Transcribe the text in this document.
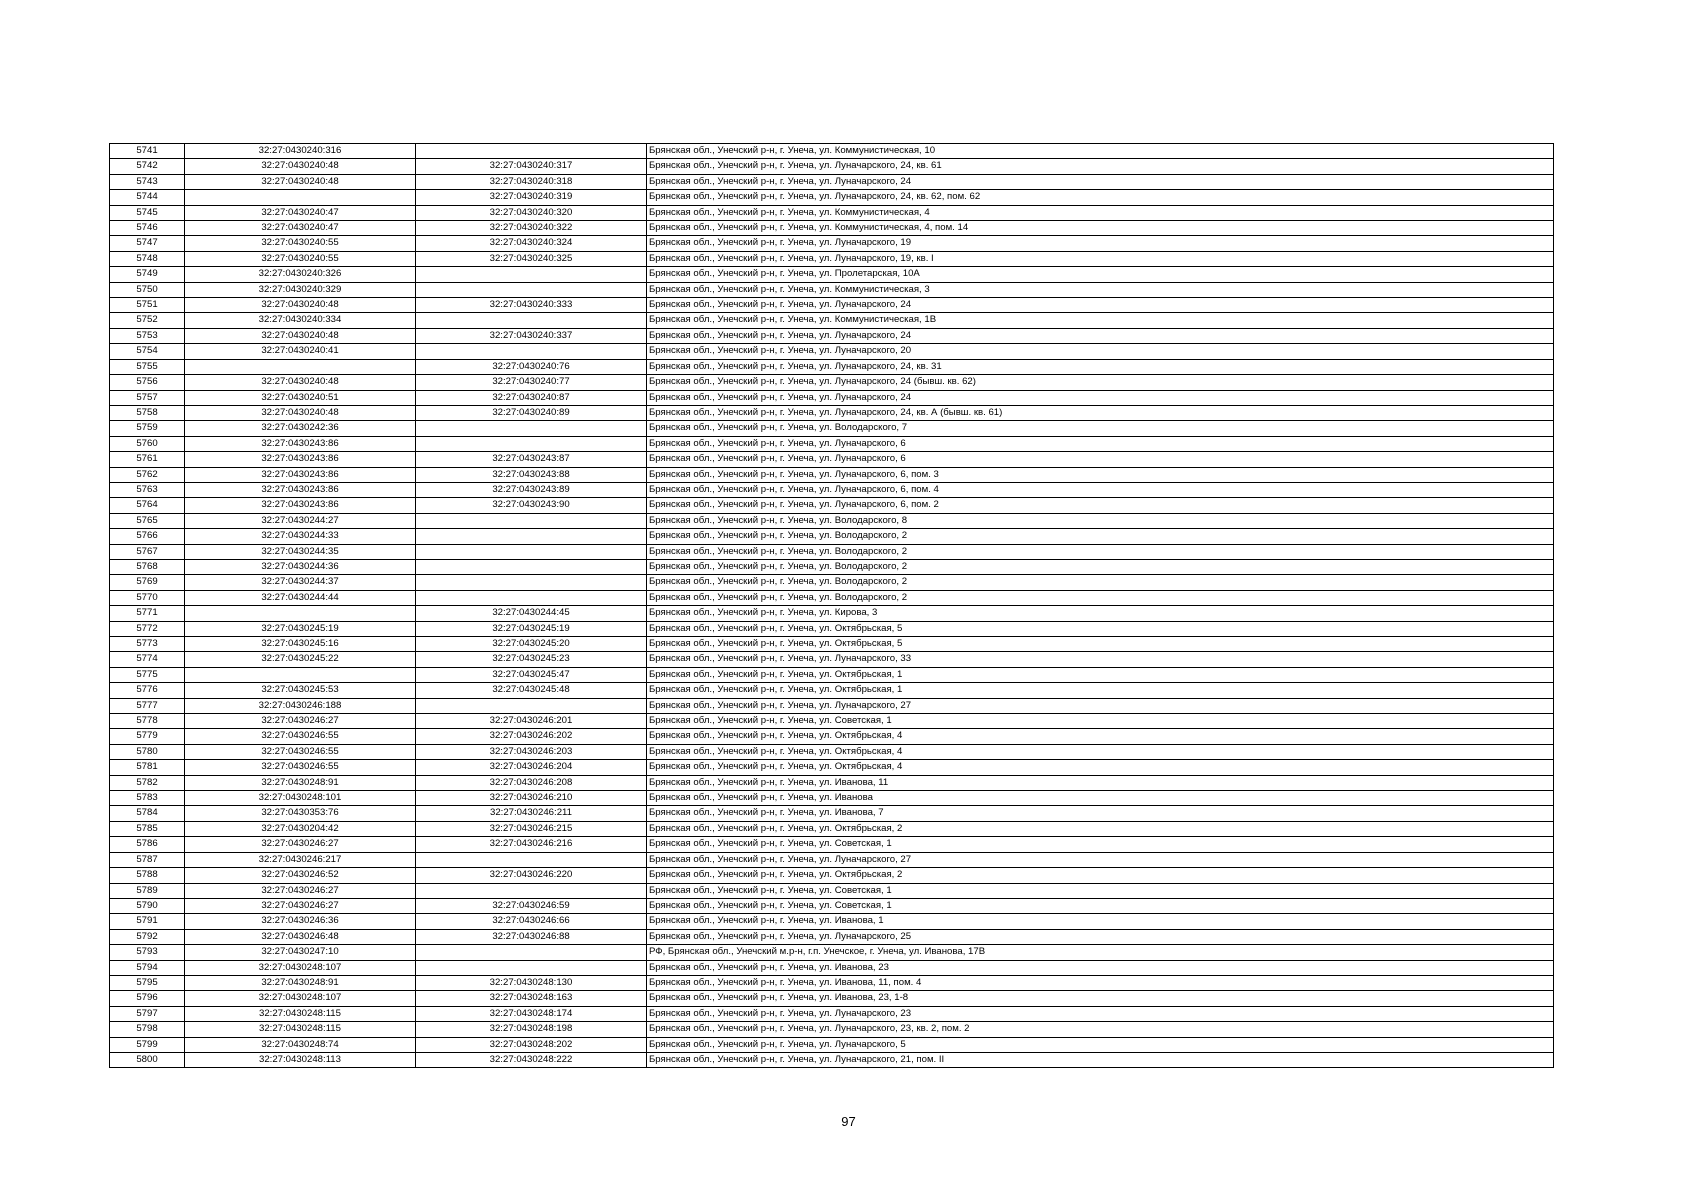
5741	32:27:0430240:316		Брянская обл., Унечский р-н, г. Унеча, ул. Коммунистическая, 10
5742	32:27:0430240:48	32:27:0430240:317	Брянская обл., Унечский р-н, г. Унеча, ул. Луначарского, 24, кв. 61
5743	32:27:0430240:48	32:27:0430240:318	Брянская обл., Унечский р-н, г. Унеча, ул. Луначарского, 24
5744		32:27:0430240:319	Брянская обл., Унечский р-н, г. Унеча, ул. Луначарского, 24, кв. 62, пом. 62
5745	32:27:0430240:47	32:27:0430240:320	Брянская обл., Унечский р-н, г. Унеча, ул. Коммунистическая, 4
5746	32:27:0430240:47	32:27:0430240:322	Брянская обл., Унечский р-н, г. Унеча, ул. Коммунистическая, 4, пом. 14
5747	32:27:0430240:55	32:27:0430240:324	Брянская обл., Унечский р-н, г. Унеча, ул. Луначарского, 19
5748	32:27:0430240:55	32:27:0430240:325	Брянская обл., Унечский р-н, г. Унеча, ул. Луначарского, 19, кв. I
5749	32:27:0430240:326		Брянская обл., Унечский р-н, г. Унеча, ул. Пролетарская, 10А
5750	32:27:0430240:329		Брянская обл., Унечский р-н, г. Унеча, ул. Коммунистическая, 3
5751	32:27:0430240:48	32:27:0430240:333	Брянская обл., Унечский р-н, г. Унеча, ул. Луначарского, 24
5752	32:27:0430240:334		Брянская обл., Унечский р-н, г. Унеча, ул. Коммунистическая, 1В
5753	32:27:0430240:48	32:27:0430240:337	Брянская обл., Унечский р-н, г. Унеча, ул. Луначарского, 24
5754	32:27:0430240:41		Брянская обл., Унечский р-н, г. Унеча, ул. Луначарского, 20
5755		32:27:0430240:76	Брянская обл., Унечский р-н, г. Унеча, ул. Луначарского, 24, кв. 31
5756	32:27:0430240:48	32:27:0430240:77	Брянская обл., Унечский р-н, г. Унеча, ул. Луначарского, 24 (бывш. кв. 62)
5757	32:27:0430240:51	32:27:0430240:87	Брянская обл., Унечский р-н, г. Унеча, ул. Луначарского, 24
5758	32:27:0430240:48	32:27:0430240:89	Брянская обл., Унечский р-н, г. Унеча, ул. Луначарского, 24, кв. А (бывш. кв. 61)
5759	32:27:0430242:36		Брянская обл., Унечский р-н, г. Унеча, ул. Володарского, 7
5760	32:27:0430243:86		Брянская обл., Унечский р-н, г. Унеча, ул. Луначарского, 6
5761	32:27:0430243:86	32:27:0430243:87	Брянская обл., Унечский р-н, г. Унеча, ул. Луначарского, 6
5762	32:27:0430243:86	32:27:0430243:88	Брянская обл., Унечский р-н, г. Унеча, ул. Луначарского, 6, пом. 3
5763	32:27:0430243:86	32:27:0430243:89	Брянская обл., Унечский р-н, г. Унеча, ул. Луначарского, 6, пом. 4
5764	32:27:0430243:86	32:27:0430243:90	Брянская обл., Унечский р-н, г. Унеча, ул. Луначарского, 6, пом. 2
5765	32:27:0430244:27		Брянская обл., Унечский р-н, г. Унеча, ул. Володарского, 8
5766	32:27:0430244:33		Брянская обл., Унечский р-н, г. Унеча, ул. Володарского, 2
5767	32:27:0430244:35		Брянская обл., Унечский р-н, г. Унеча, ул. Володарского, 2
5768	32:27:0430244:36		Брянская обл., Унечский р-н, г. Унеча, ул. Володарского, 2
5769	32:27:0430244:37		Брянская обл., Унечский р-н, г. Унеча, ул. Володарского, 2
5770	32:27:0430244:44		Брянская обл., Унечский р-н, г. Унеча, ул. Володарского, 2
5771		32:27:0430244:45	Брянская обл., Унечский р-н, г. Унеча, ул. Кирова, 3
5772	32:27:0430245:19	32:27:0430245:19	Брянская обл., Унечский р-н, г. Унеча, ул. Октябрьская, 5
5773	32:27:0430245:16	32:27:0430245:20	Брянская обл., Унечский р-н, г. Унеча, ул. Октябрьская, 5
5774	32:27:0430245:22	32:27:0430245:23	Брянская обл., Унечский р-н, г. Унеча, ул. Луначарского, 33
5775		32:27:0430245:47	Брянская обл., Унечский р-н, г. Унеча, ул. Октябрьская, 1
5776	32:27:0430245:53	32:27:0430245:48	Брянская обл., Унечский р-н, г. Унеча, ул. Октябрьская, 1
5777	32:27:0430246:188		Брянская обл., Унечский р-н, г. Унеча, ул. Луначарского, 27
5778	32:27:0430246:27	32:27:0430246:201	Брянская обл., Унечский р-н, г. Унеча, ул. Советская, 1
5779	32:27:0430246:55	32:27:0430246:202	Брянская обл., Унечский р-н, г. Унеча, ул. Октябрьская, 4
5780	32:27:0430246:55	32:27:0430246:203	Брянская обл., Унечский р-н, г. Унеча, ул. Октябрьская, 4
5781	32:27:0430246:55	32:27:0430246:204	Брянская обл., Унечский р-н, г. Унеча, ул. Октябрьская, 4
5782	32:27:0430248:91	32:27:0430246:208	Брянская обл., Унечский р-н, г. Унеча, ул. Иванова, 11
5783	32:27:0430248:101	32:27:0430246:210	Брянская обл., Унечский р-н, г. Унеча, ул. Иванова
5784	32:27:0430353:76	32:27:0430246:211	Брянская обл., Унечский р-н, г. Унеча, ул. Иванова, 7
5785	32:27:0430204:42	32:27:0430246:215	Брянская обл., Унечский р-н, г. Унеча, ул. Октябрьская, 2
5786	32:27:0430246:27	32:27:0430246:216	Брянская обл., Унечский р-н, г. Унеча, ул. Советская, 1
5787	32:27:0430246:217		Брянская обл., Унечский р-н, г. Унеча, ул. Луначарского, 27
5788	32:27:0430246:52	32:27:0430246:220	Брянская обл., Унечский р-н, г. Унеча, ул. Октябрьская, 2
5789	32:27:0430246:27		Брянская обл., Унечский р-н, г. Унеча, ул. Советская, 1
5790	32:27:0430246:27	32:27:0430246:59	Брянская обл., Унечский р-н, г. Унеча, ул. Советская, 1
5791	32:27:0430246:36	32:27:0430246:66	Брянская обл., Унечский р-н, г. Унеча, ул. Иванова, 1
5792	32:27:0430246:48	32:27:0430246:88	Брянская обл., Унечский р-н, г. Унеча, ул. Луначарского, 25
5793	32:27:0430247:10		РФ, Брянская обл., Унечский м.р-н, г.п. Унечское, г. Унеча, ул. Иванова, 17В
5794	32:27:0430248:107		Брянская обл., Унечский р-н, г. Унеча, ул. Иванова, 23
5795	32:27:0430248:91	32:27:0430248:130	Брянская обл., Унечский р-н, г. Унеча, ул. Иванова, 11, пом. 4
5796	32:27:0430248:107	32:27:0430248:163	Брянская обл., Унечский р-н, г. Унеча, ул. Иванова, 23, 1-8
5797	32:27:0430248:115	32:27:0430248:174	Брянская обл., Унечский р-н, г. Унеча, ул. Луначарского, 23
5798	32:27:0430248:115	32:27:0430248:198	Брянская обл., Унечский р-н, г. Унеча, ул. Луначарского, 23, кв. 2, пом. 2
5799	32:27:0430248:74	32:27:0430248:202	Брянская обл., Унечский р-н, г. Унеча, ул. Луначарского, 5
5800	32:27:0430248:113	32:27:0430248:222	Брянская обл., Унечский р-н, г. Унеча, ул. Луначарского, 21, пом. II
97
